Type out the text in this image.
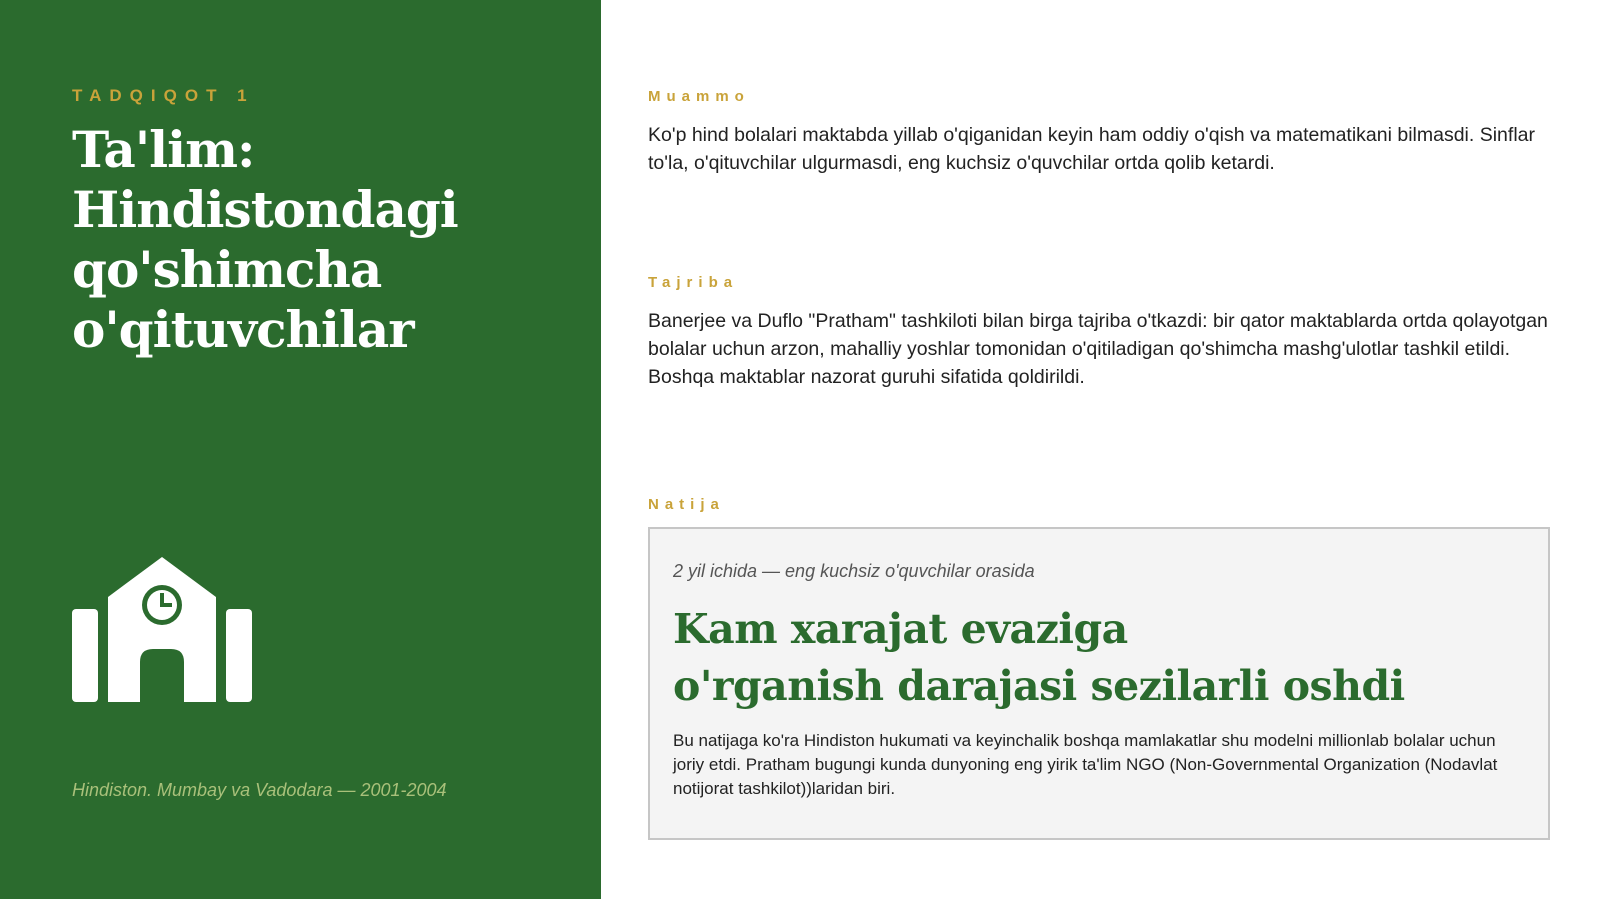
TADQIQOT 1
Ta'lim:
Hindistondagi
qo'shimcha
o'qituvchilar
Hindiston. Mumbay va Vadodara — 2001-2004
Muammo

Ko'p hind bolalari maktabda yillab o'qiganidan keyin ham oddiy o'qish va matematikani bilmasdi. Sinflar to'la, o'qituvchilar ulgurmasdi, eng kuchsiz o'quvchilar ortda qolib ketardi.

Tajriba

Banerjee va Duflo "Pratham" tashkiloti bilan birga tajriba o'tkazdi: bir qator maktablarda ortda qolayotgan bolalar uchun arzon, mahalliy yoshlar tomonidan o'qitiladigan qo'shimcha mashg'ulotlar tashkil etildi. Boshqa maktablar nazorat guruhi sifatida qoldirildi.

Natija
2 yil ichida — eng kuchsiz o'quvchilar orasida
Kam xarajat evaziga
o'rganish darajasi sezilarli oshdi

Bu natijaga ko'ra Hindiston hukumati va keyinchalik boshqa mamlakatlar shu modelni millionlab bolalar uchun joriy etdi. Pratham bugungi kunda dunyoning eng yirik ta'lim NGO (Non-Governmental Organization (Nodavlat notijorat tashkilot))laridan biri.
